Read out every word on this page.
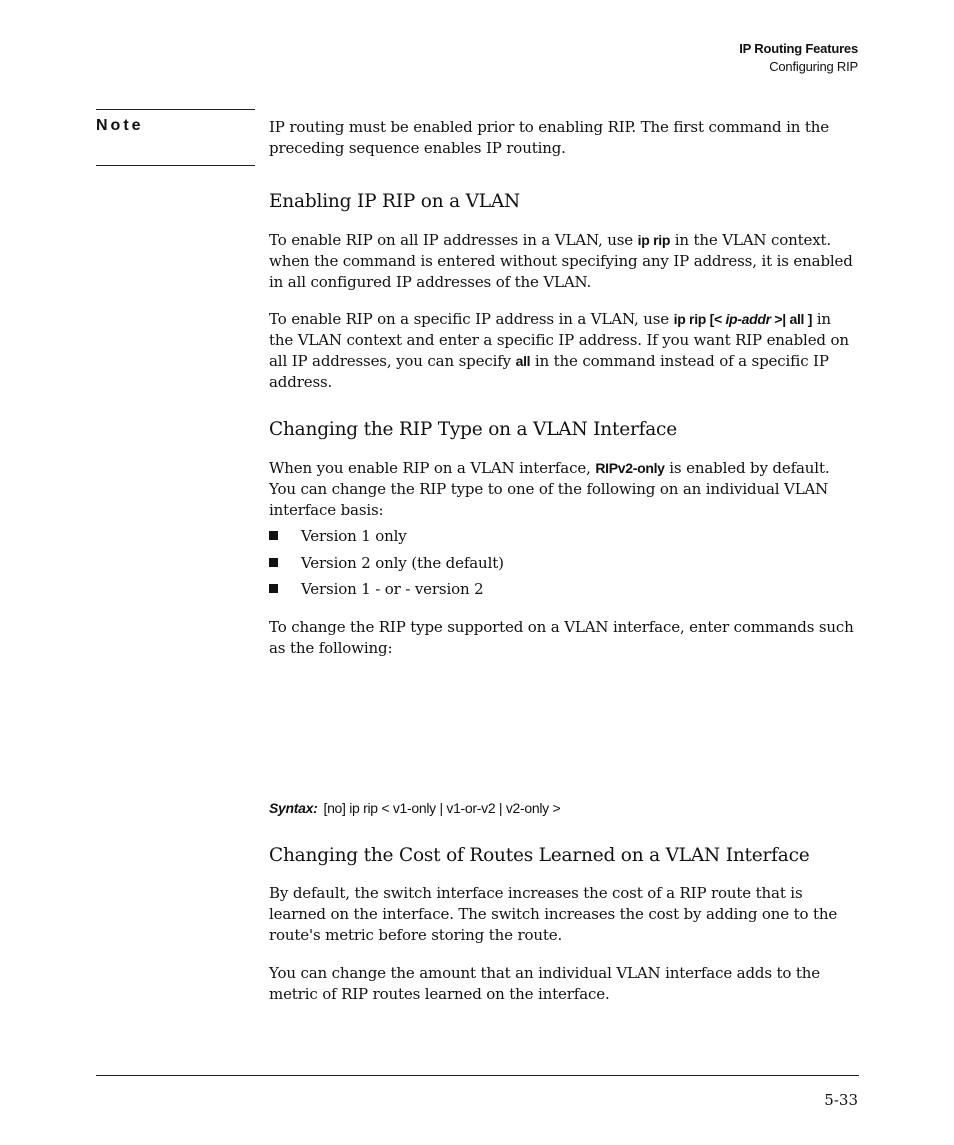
IP Routing Features
Configuring RIP
Note	IP routing must be enabled prior to enabling RIP. The first command in the preceding sequence enables IP routing.
Enabling IP RIP on a VLAN
To enable RIP on all IP addresses in a VLAN, use ip rip in the VLAN context. when the command is entered without specifying any IP address, it is enabled in all configured IP addresses of the VLAN.
To enable RIP on a specific IP address in a VLAN, use ip rip [< ip-addr >| all ] in the VLAN context and enter a specific IP address. If you want RIP enabled on all IP addresses, you can specify all in the command instead of a specific IP address.
Changing the RIP Type on a VLAN Interface
When you enable RIP on a VLAN interface, RIPv2-only is enabled by default. You can change the RIP type to one of the following on an individual VLAN interface basis:
Version 1 only
Version 2 only (the default)
Version 1 - or - version 2
To change the RIP type supported on a VLAN interface, enter commands such as the following:
Syntax: [no] ip rip < v1-only | v1-or-v2 | v2-only >
Changing the Cost of Routes Learned on a VLAN Interface
By default, the switch interface increases the cost of a RIP route that is learned on the interface. The switch increases the cost by adding one to the route's metric before storing the route.
You can change the amount that an individual VLAN interface adds to the metric of RIP routes learned on the interface.
5-33
